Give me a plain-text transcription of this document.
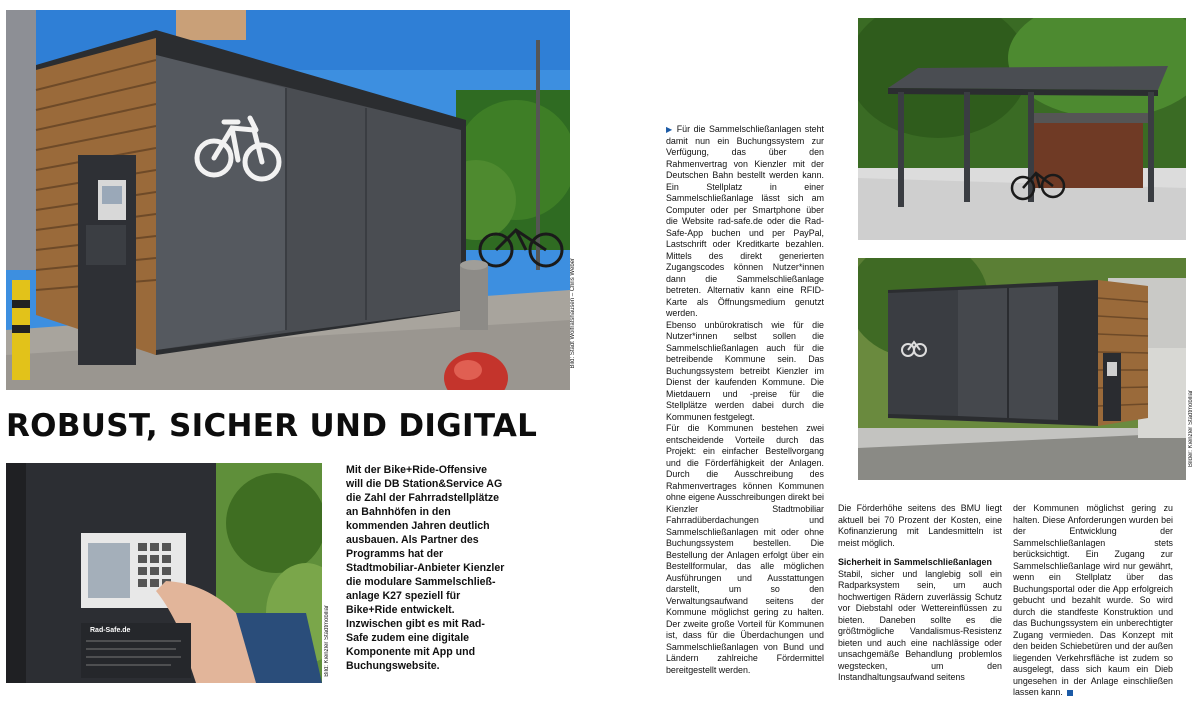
Bild: Stadt Wolfratshausen – Chris Weber
ROBUST, SICHER UND DIGITAL
Rad-Safe.de	Bild: Kienzler Stadtmobiliar
Mit der Bike+Ride-Offensive will die DB Station&Service AG die Zahl der Fahrradstellplätze an Bahnhöfen in den kommenden Jahren deutlich ausbauen. Als Partner des Programms hat der Stadtmobiliar-Anbieter Kienzler die modulare Sammelschließ-anlage K27 speziell für Bike+Ride entwickelt. Inzwischen gibt es mit Rad-Safe zudem eine digitale Komponente mit App und Buchungswebsite.
Bilder: Kienzler Stadtmobiliar

▶ Für die Sammelschließanlagen steht damit nun ein Buchungssystem zur Verfügung, das über den Rahmenvertrag von Kienzler mit der Deutschen Bahn bestellt werden kann. Ein Stellplatz in einer Sammelschließanlage lässt sich am Computer oder per Smartphone über die Website rad-safe.de oder die Rad-Safe-App buchen und per PayPal, Lastschrift oder Kreditkarte bezahlen. Mittels des direkt generierten Zugangscodes können Nutzer*innen dann die Sammelschließanlage betreten. Alternativ kann eine RFID-Karte als Öffnungsmedium genutzt werden.

Ebenso unbürokratisch wie für die Nutzer*innen selbst sollen die Sammelschließanlagen auch für die betreibende Kommune sein. Das Buchungssystem betreibt Kienzler im Dienst der kaufenden Kommune. Die Mietdauern und -preise für die Stellplätze werden dabei durch die Kommunen festgelegt.

Für die Kommunen bestehen zwei entscheidende Vorteile durch das Projekt: ein einfacher Bestellvorgang und die Förderfähigkeit der Anlagen. Durch die Ausschreibung des Rahmenvertrages können Kommunen ohne eigene Ausschreibungen direkt bei Kienzler Stadtmobiliar Fahrradüberdachungen und Sammelschließanlagen mit oder ohne Buchungssystem bestellen. Die Bestellung der Anlagen erfolgt über ein Bestellformular, das alle möglichen Ausführungen und Ausstattungen darstellt, um so den Verwaltungsaufwand seitens der Kommune möglichst gering zu halten. Der zweite große Vorteil für Kommunen ist, dass für die Überdachungen und Sammelschließanlagen von Bund und Ländern zahlreiche Fördermittel bereitgestellt werden.

Die Förderhöhe seitens des BMU liegt aktuell bei 70 Prozent der Kosten, eine Kofinanzierung mit Landesmitteln ist meist möglich.

Sicherheit in Sammelschließanlagen

Stabil, sicher und langlebig soll ein Radparksystem sein, um auch hochwertigen Rädern zuverlässig Schutz vor Diebstahl oder Wettereinflüssen zu bieten. Daneben sollte es die größtmögliche Vandalismus-Resistenz bieten und auch eine nachlässige oder unsachgemäße Behandlung problemlos wegstecken, um den Instandhaltungsaufwand seitens

der Kommunen möglichst gering zu halten. Diese Anforderungen wurden bei der Entwicklung der Sammelschließanlagen stets berücksichtigt. Ein Zugang zur Sammelschließanlage wird nur gewährt, wenn ein Stellplatz über das Buchungsportal oder die App erfolgreich gebucht und bezahlt wurde. So wird durch die standfeste Konstruktion und das Buchungssystem ein unberechtigter Zugang vermieden. Das Konzept mit den beiden Schiebetüren und der außen liegenden Verkehrsfläche ist zudem so ausgelegt, dass sich kaum ein Dieb ungesehen in der Anlage einschließen lassen kann.
